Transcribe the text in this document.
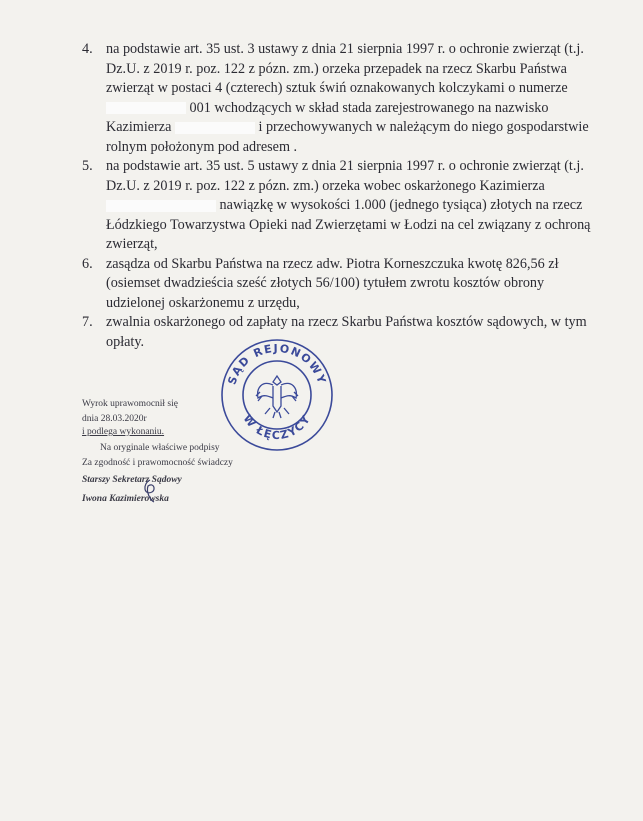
4. na podstawie art. 35 ust. 3 ustawy z dnia 21 sierpnia 1997 r. o ochronie zwierząt (t.j. Dz.U. z 2019 r. poz. 122 z pózn. zm.) orzeka przepadek na rzecz Skarbu Państwa zwierząt w postaci 4 (czterech) sztuk świń oznakowanych kolczykami o numerze  001 wchodzących w skład stada zarejestrowanego na nazwisko Kazimierza	i przechowywanych w należącym do niego gospodarstwie rolnym położonym pod adresem .
5. na podstawie art. 35 ust. 5 ustawy z dnia 21 sierpnia 1997 r. o ochronie zwierząt (t.j. Dz.U. z 2019 r. poz. 122 z pózn. zm.) orzeka wobec oskarżonego Kazimierza  nawiązkę w wysokości 1.000 (jednego tysiąca) złotych na rzecz Łódzkiego Towarzystwa Opieki nad Zwierzętami w Łodzi na cel związany z ochroną zwierząt,
6. zasądza od Skarbu Państwa na rzecz adw. Piotra Korneszczuka kwotę 826,56 zł (osiemset dwadzieścia sześć złotych 56/100) tytułem zwrotu kosztów obrony udzielonej oskarżonemu z urzędu,
7. zwalnia oskarżonego od zapłaty na rzecz Skarbu Państwa kosztów sądowych, w tym opłaty.
SĄD REJONOWY
W ŁĘCZYCY
Wyrok uprawomocnił się
dnia 28.03.2020r
i podlega wykonaniu.
Na oryginale właściwe podpisy
Za zgodność i prawomocność świadczy
Starszy Sekretarz Sądowy
Iwona Kazimierowska
